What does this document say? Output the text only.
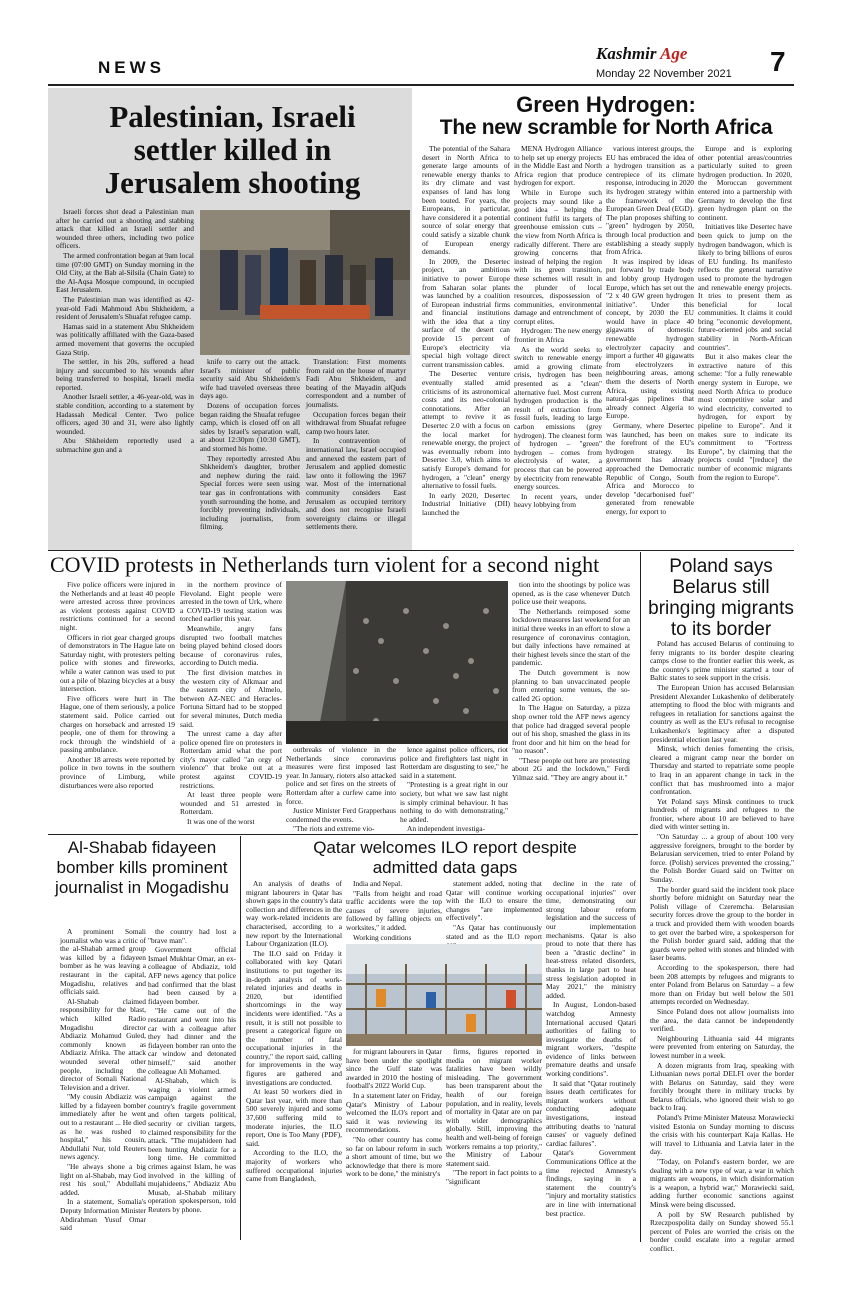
NEWS
Kashmir Age
Monday 22 November 2021 7
Palestinian, Israeli settler killed in Jerusalem shooting

Israeli forces shot dead a Palestinian man after he carried out a shooting and stabbing attack that killed an Israeli settler and wounded three others, including two police officers.

The armed confrontation began at 9am local time (07:00 GMT) on Sunday morning in the Old City, at the Bab al-Silsila (Chain Gate) to the Al-Aqsa Mosque compound, in occupied East Jerusalem.

The Palestinian man was identified as 42-year-old Fadi Mahmoud Abu Shkheidem, a resident of Jerusalem's Shuafat refugee camp.

Hamas said in a statement Abu Shkheidem was politically affiliated with the Gaza-based armed movement that governs the occupied Gaza Strip.

The settler, in his 20s, suffered a head injury and succumbed to his wounds after being transferred to hospital, Israeli media reported.

Another Israeli settler, a 46-year-old, was in stable condition, according to a statement by Hadassah Medical Center. Two police officers, aged 30 and 31, were also lightly wounded.

Abu Shkheidem reportedly used a submachine gun and a

knife to carry out the attack. Israel's minister of public security said Abu Shkheidem's wife had traveled overseas three days ago.

Dozens of occupation forces began raiding the Shuafat refugee camp, which is closed off on all sides by Israel's separation wall, at about 12:30pm (10:30 GMT), and stormed his home.

They reportedly arrested Abu Shkheidem's daughter, brother and nephew during the raid. Special forces were seen using tear gas in confrontations with youth surrounding the home, and forcibly preventing individuals, including journalists, from filming.

Translation: First moments from raid on the house of martyr Fadi Abu Shkheidem, and beating of the Mayadin alQuds correspondent and a number of journalists.

Occupation forces began their withdrawal from Shuafat refugee camp two hours later.

In contravention of international law, Israel occupied and annexed the eastern part of Jerusalem and applied domestic law onto it following the 1967 war. Most of the international community considers East Jerusalem as occupied territory and does not recognise Israeli sovereignty claims or illegal settlements there.

Green Hydrogen:
The new scramble for North Africa

The potential of the Sahara desert in North Africa to generate large amounts of renewable energy thanks to its dry climate and vast expanses of land has long been touted. For years, the Europeans, in particular, have considered it a potential source of solar energy that could satisfy a sizable chunk of European energy demands.

In 2009, the Desertec project, an ambitious initiative to power Europe from Saharan solar plants was launched by a coalition of European industrial firms and financial institutions with the idea that a tiny surface of the desert can provide 15 percent of Europe's electricity via special high voltage direct current transmission cables.

The Desertec venture eventually stalled amid criticisms of its astronomical costs and its neo-colonial connotations. After an attempt to revive it as Desertec 2.0 with a focus on the local market for renewable energy, the project was eventually reborn into Desertec 3.0, which aims to satisfy Europe's demand for hydrogen, a "clean" energy alternative to fossil fuels.

In early 2020, Desertec Industrial Initiative (DII) launched the

MENA Hydrogen Alliance to help set up energy projects in the Middle East and North Africa region that produce hydrogen for export.

While in Europe such projects may sound like a good idea – helping the continent fulfil its targets of greenhouse emission cuts – the view from North Africa is radically different. There are growing concerns that instead of helping the region with its green transition, these schemes will result in the plunder of local resources, dispossession of communities, environmental damage and entrenchment of corrupt elites.

Hydrogen: The new energy frontier in Africa

As the world seeks to switch to renewable energy amid a growing climate crisis, hydrogen has been presented as a "clean" alternative fuel. Most current hydrogen production is the result of extraction from fossil fuels, leading to large carbon emissions (grey hydrogen). The cleanest form of hydrogen – "green" hydrogen – comes from electrolysis of water, a process that can be powered by electricity from renewable energy sources.

In recent years, under heavy lobbying from

various interest groups, the EU has embraced the idea of a hydrogen transition as a centrepiece of its climate response, introducing in 2020 its hydrogen strategy within the framework of the European Green Deal (EGD). The plan proposes shifting to "green" hydrogen by 2050, through local production and establishing a steady supply from Africa.

It was inspired by ideas put forward by trade body and lobby group Hydrogen Europe, which has set out the "2 x 40 GW green hydrogen initiative". Under this concept, by 2030 the EU would have in place 40 gigawatts of domestic renewable hydrogen electrolyzer capacity and import a further 40 gigawatts from electrolyzers in neighbouring areas, among them the deserts of North Africa, using existing natural-gas pipelines that already connect Algeria to Europe.

Germany, where Desertec was launched, has been on the forefront of the EU's hydrogen strategy. Its government has already approached the Democratic Republic of Congo, South Africa and Morocco to develop "decarbonised fuel" generated from renewable energy, for export to

Europe and is exploring other potential areas/countries particularly suited to green hydrogen production. In 2020, the Moroccan government entered into a partnership with Germany to develop the first green hydrogen plant on the continent.

Initiatives like Desertec have been quick to jump on the hydrogen bandwagon, which is likely to bring billions of euros of EU funding. Its manifesto reflects the general narrative used to promote the hydrogen and renewable energy projects. It tries to present them as beneficial for local communities. It claims it could bring "economic development, future-oriented jobs and social stability in North-African countries".

But it also makes clear the extractive nature of this scheme: "for a fully renewable energy system in Europe, we need North Africa to produce most competitive solar and wind electricity, converted to hydrogen, for export by pipeline to Europe". And it makes sure to indicate its commitment to "Fortress Europe", by claiming that the projects could "[reduce] the number of economic migrants from the region to Europe".

COVID protests in Netherlands turn violent for a second night

Five police officers were injured in the Netherlands and at least 40 people were arrested across three provinces as violent protests against COVID restrictions continued for a second night.

Officers in riot gear charged groups of demonstrators in The Hague late on Saturday night, with protesters pelting police with stones and fireworks, while a water cannon was used to put out a pile of blazing bicycles at a busy intersection.

Five officers were hurt in The Hague, one of them seriously, a police statement said. Police carried out charges on horseback and arrested 19 people, one of them for throwing a rock through the windshield of a passing ambulance.

Another 18 arrests were reported by police in two towns in the southern province of Limburg, while disturbances were also reported

in the northern province of Flevoland. Eight people were arrested in the town of Urk, where a COVID-19 testing station was torched earlier this year.

Meanwhile, angry fans disrupted two football matches being played behind closed doors because of coronavirus rules, according to Dutch media.

The first division matches in the western city of Alkmaar and the eastern city of Almelo, between AZ-NEC and Heracles-Fortuna Sittard had to be stopped for several minutes, Dutch media said.

The unrest came a day after police opened fire on protesters in Rotterdam amid what the port city's mayor called "an orgy of violence" that broke out at a protest against COVID-19 restrictions.

At least three people were wounded and 51 arrested in Rotterdam.

It was one of the worst

outbreaks of violence in the Netherlands since coronavirus measures were first imposed last year. In January, rioters also attacked police and set fires on the streets of Rotterdam after a curfew came into force.

Justice Minister Ferd Grapperhaus condemned the events.

"The riots and extreme vio-

lence against police officers, riot police and firefighters last night in Rotterdam are disgusting to see," he said in a statement.

"Protesting is a great right in our society, but what we saw last night is simply criminal behaviour. It has nothing to do with demonstrating," he added.

An independent investiga-

tion into the shootings by police was opened, as is the case whenever Dutch police use their weapons.

The Netherlands reimposed some lockdown measures last weekend for an initial three weeks in an effort to slow a resurgence of coronavirus contagion, but daily infections have remained at their highest levels since the start of the pandemic.

The Dutch government is now planning to ban unvaccinated people from entering some venues, the so-called 2G option.

In The Hague on Saturday, a pizza shop owner told the AFP news agency that police had dragged several people out of his shop, smashed the glass in its front door and hit him on the head for "no reason".

"These people out here are protesting about 2G and the lockdown," Ferdi Yilmaz said. "They are angry about it."

Poland says Belarus still bringing migrants to its border

Poland has accused Belarus of continuing to ferry migrants to its border despite clearing camps close to the frontier earlier this week, as the country's prime minister started a tour of Baltic states to seek support in the crisis.

The European Union has accused Belarusian President Alexander Lukashenko of deliberately attempting to flood the bloc with migrants and refugees in retaliation for sanctions against the country as well as the EU's refusal to recognise Lukashenko's legitimacy after a disputed presidential election last year.

Minsk, which denies fomenting the crisis, cleared a migrant camp near the border on Thursday and started to repatriate some people to Iraq in an apparent change in tack in the conflict that has mushroomed into a major confrontation.

Yet Poland says Minsk continues to truck hundreds of migrants and refugees to the frontier, where about 10 are believed to have died with winter setting in.

"On Saturday ... a group of about 100 very aggressive foreigners, brought to the border by Belarusian servicemen, tried to enter Poland by force. (Polish) services prevented the crossing," the Polish Border Guard said on Twitter on Sunday.

The border guard said the incident took place shortly before midnight on Saturday near the Polish village of Czeremcha. Belarusian security forces drove the group to the border in a truck and provided them with wooden boards to get over the barbed wire, a spokesperson for the Polish border guard said, adding that the guards were pelted with stones and blinded with laser beams.

According to the spokesperson, there had been 208 attempts by refugees and migrants to enter Poland from Belarus on Saturday – a few more than on Friday but well below the 501 attempts recorded on Wednesday.

Since Poland does not allow journalists into the area, the data cannot be independently verified.

Neighbouring Lithuania said 44 migrants were prevented from entering on Saturday, the lowest number in a week.

A dozen migrants from Iraq, speaking with Lithuanian news portal DELFI over the border with Belarus on Saturday, said they were forcibly brought there in military trucks by Belarus officials, who ignored their wish to go back to Iraq.

Poland's Prime Minister Mateusz Morawiecki visited Estonia on Sunday morning to discuss the crisis with his counterpart Kaja Kallas. He will travel to Lithuania and Latvia later in the day.

"Today, on Poland's eastern border, we are dealing with a new type of war, a war in which migrants are weapons, in which disinformation is a weapon, a hybrid war," Morawiecki said, adding further economic sanctions against Minsk were being discussed.

A poll by SW Research published by Rzeczpospolita daily on Sunday showed 55.1 percent of Poles are worried the crisis on the border could escalate into a regular armed conflict.

Al-Shabab fidayeen bomber kills prominent journalist in Mogadishu

A prominent Somali journalist who was a critic of the al-Shabab armed group was killed by a fidayeen bomber as he was leaving a restaurant in the capital, Mogadishu, relatives and officials said.

Al-Shabab claimed responsibility for the blast, which killed Radio Mogadishu director Abdiaziz Mohamud Guled, commonly known as Abdiaziz Afrika. The attack wounded several other people, including the director of Somali National Television and a driver.

"My cousin Abdiaziz was killed by a fidayeen bomber immediately after he went out to a restaurant ... He died as he was rushed to hospital," his cousin, Abdullahi Nur, told Reuters news agency.

"He always shone a big light on al-Shabab, may God rest his soul," Abdullahi added.

In a statement, Somalia's Deputy Information Minister Abdirahman Yusuf Omar said

the country had lost a "brave man".

Government official Ismael Mukhtar Omar, an ex-colleague of Abdiaziz, told AFP news agency that police had confirmed that the blast had been caused by a fidayeen bomber.

"He came out of the restaurant and went into his car with a colleague after they had dinner and the fidayeen bomber ran onto the car window and detonated himself," said another colleague Ali Mohamed.

Al-Shabab, which is waging a violent armed campaign against the country's fragile government and often targets political, security or civilian targets, claimed responsibility for the attack. "The mujahideen had been hunting Abdiaziz for a long time. He committed crimes against Islam, he was involved in the killing of mujahideens," Abdiaziz Abu Musab, al-Shabab military operation spokesperson, told Reuters by phone.

Qatar welcomes ILO report despite admitted data gaps

An analysis of deaths of migrant labourers in Qatar has shown gaps in the country's data collection and differences in the way work-related incidents are characterised, according to a new report by the International Labour Organization (ILO).

The ILO said on Friday it collaborated with key Qatari institutions to put together its in-depth analysis of work-related injuries and deaths in 2020, but identified shortcomings in the way incidents were identified. "As a result, it is still not possible to present a categorical figure on the number of fatal occupational injuries in the country," the report said, calling for improvements in the way figures are gathered and investigations are conducted.

At least 50 workers died in Qatar last year, with more than 500 severely injured and some 37,600 suffering mild to moderate injuries, the ILO report, One is Too Many (PDF), said.

According to the ILO, the majority of workers who suffered occupational injuries came from Bangladesh,

India and Nepal.

"Falls from height and road traffic accidents were the top causes of severe injuries, followed by falling objects on worksites," it added.

Working conditions

statement added, noting that Qatar will continue working with the ILO to ensure the changes "are implemented effectively".

"As Qatar has continuously stated and as the ILO report

for migrant labourers in Qatar have been under the spotlight since the Gulf state was awarded in 2010 the hosting of football's 2022 World Cup.

In a statement later on Friday, Qatar's Ministry of Labour welcomed the ILO's report and said it was reviewing its recommendations.

"No other country has come so far on labour reform in such a short amount of time, but we acknowledge that there is more work to be done," the ministry's

firms, figures reported in media on migrant worker fatalities have been wildly misleading. The government has been transparent about the health of our foreign population, and in reality, levels of mortality in Qatar are on par with wider demographics globally. Still, improving the health and well-being of foreign workers remains a top priority," the Ministry of Labour statement said.

"The report in fact points to a "significant

decline in the rate of occupational injuries" over time, demonstrating our strong labour reform legislation and the success of our implementation mechanisms. Qatar is also proud to note that there has been a "drastic decline" in heat-stress related disorders, thanks in large part to heat stress legislation adopted in May 2021," the ministry added.

In August, London-based watchdog Amnesty International accused Qatari authorities of failing to investigate the deaths of migrant workers, "despite evidence of links between premature deaths and unsafe working conditions".

It said that "Qatar routinely issues death certificates for migrant workers without conducting adequate investigations, instead attributing deaths to 'natural causes' or vaguely defined cardiac failures".

Qatar's Government Communications Office at the time rejected Amnesty's findings, saying in a statement the country's "injury and mortality statistics are in line with international best practice.
